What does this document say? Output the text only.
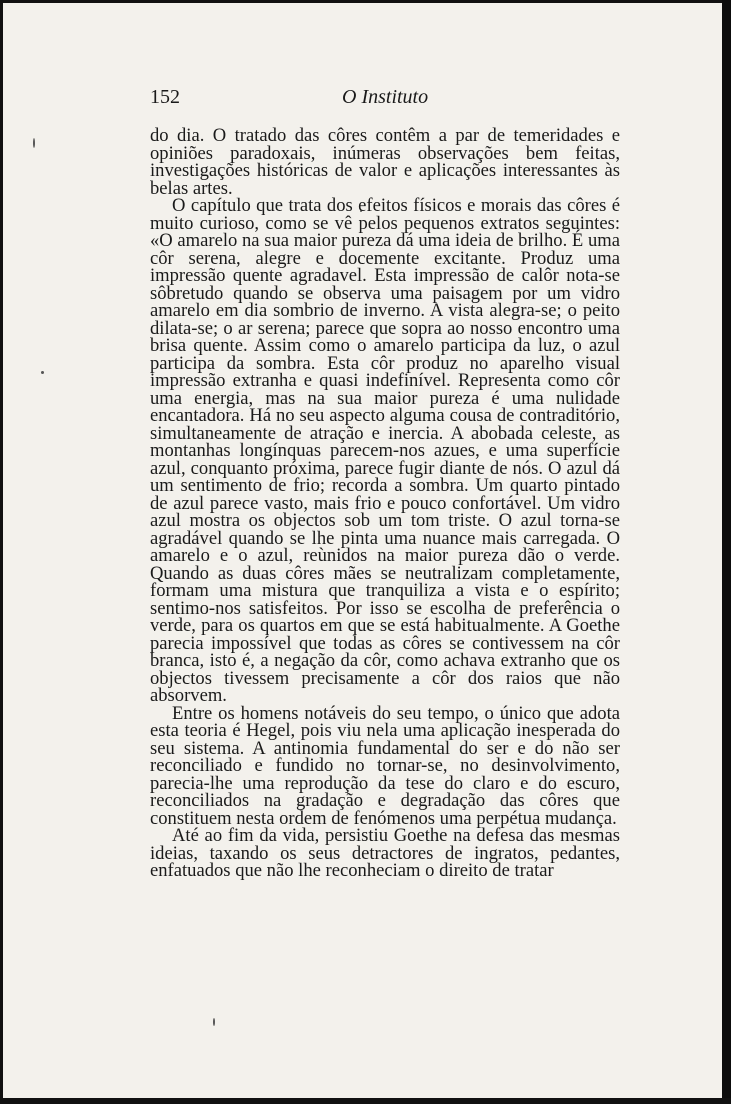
152	O Instituto

do dia. O tratado das côres contêm a par de temeridades e opiniões paradoxais, inúmeras observações bem feitas, investigações históricas de valor e aplicações interessantes às belas artes.

O capítulo que trata dos efeitos físicos e morais das côres é muito curioso, como se vê pelos pequenos extratos seguintes: «O amarelo na sua maior pureza dá uma ideia de brilho. É uma côr serena, alegre e docemente excitante. Produz uma impressão quente agradavel. Esta impressão de calôr nota-se sôbretudo quando se observa uma paisagem por um vidro amarelo em dia sombrio de inverno. A vista alegra-se; o peito dilata-se; o ar serena; parece que sopra ao nosso encontro uma brisa quente. Assim como o amarelo participa da luz, o azul participa da sombra. Esta côr produz no aparelho visual impressão extranha e quasi indefinível. Representa como côr uma energia, mas na sua maior pureza é uma nulidade encantadora. Há no seu aspecto alguma cousa de contraditório, simultaneamente de atração e inercia. A abobada celeste, as montanhas longínquas parecem-nos azues, e uma superfície azul, conquanto próxima, parece fugir diante de nós. O azul dá um sentimento de frio; recorda a sombra. Um quarto pintado de azul parece vasto, mais frio e pouco confortável. Um vidro azul mostra os objectos sob um tom triste. O azul torna-se agradável quando se lhe pinta uma nuance mais carregada. O amarelo e o azul, reùnidos na maior pureza dão o verde. Quando as duas côres mães se neutralizam completamente, formam uma mistura que tranquiliza a vista e o espírito; sentimo-nos satisfeitos. Por isso se escolha de preferência o verde, para os quartos em que se está habitualmente. A Goethe parecia impossível que todas as côres se contivessem na côr branca, isto é, a negação da côr, como achava extranho que os objectos tivessem precisamente a côr dos raios que não absorvem.

Entre os homens notáveis do seu tempo, o único que adota esta teoria é Hegel, pois viu nela uma aplicação inesperada do seu sistema. A antinomia fundamental do ser e do não ser reconciliado e fundido no tornar-se, no desinvolvimento, parecia-lhe uma reprodução da tese do claro e do escuro, reconciliados na gradação e degradação das côres que constituem nesta ordem de fenómenos uma perpétua mudança.

Até ao fim da vida, persistiu Goethe na defesa das mesmas ideias, taxando os seus detractores de ingratos, pedantes, enfatuados que não lhe reconheciam o direito de tratar
